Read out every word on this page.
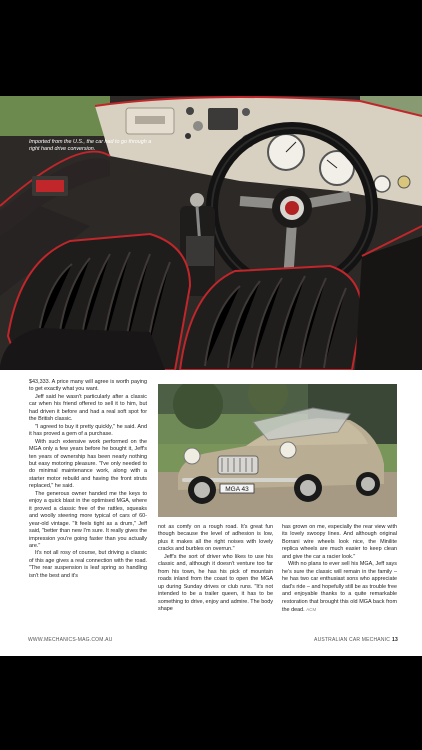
Imported from the U.S., the car had to go through a right hand drive conversion.
MGA 43

$43,333. A price many will agree is worth paying to get exactly what you want.

Jeff said he wasn't particularly after a classic car when his friend offered to sell it to him, but had driven it before and had a real soft spot for the British classic.

"I agreed to buy it pretty quickly," he said. And it has proved a gem of a purchase.

With such extensive work performed on the MGA only a few years before he bought it, Jeff's ten years of ownership has been nearly nothing but easy motoring pleasure. "I've only needed to do minimal maintenance work, along with a starter motor rebuild and having the front struts replaced," he said.

The generous owner handed me the keys to enjoy a quick blast in the optimised MGA, where it proved a classic free of the rattles, squeaks and woolly steering more typical of cars of 60-year-old vintage. "It feels tight as a drum," Jeff said, "better than new I'm sure. It really gives the impression you're going faster than you actually are."

It's not all rosy of course, but driving a classic of this age gives a real connection with the road. "The rear suspension is leaf spring so handling isn't the best and it's

not as comfy on a rough road. It's great fun though because the level of adhesion is low, plus it makes all the right noises with lovely cracks and burbles on overrun."

Jeff's the sort of driver who likes to use his classic and, although it doesn't venture too far from his town, he has his pick of mountain roads inland from the coast to open the MGA up during Sunday drives or club runs. "It's not intended to be a trailer queen, it has to be something to drive, enjoy and admire. The body shape

has grown on me, especially the rear view with its lovely swoopy lines. And although original Borrani wire wheels look nice, the Minilite replica wheels are much easier to keep clean and give the car a racier look."

With no plans to ever sell his MGA, Jeff says he's sure the classic will remain in the family – he has two car enthusiast sons who appreciate dad's ride – and hopefully still be as trouble free and enjoyable thanks to a quite remarkable restoration that brought this old MGA back from the dead. ACM

WWW.MECHANICS-MAG.COM.AU	AUSTRALIAN CAR MECHANIC 13
